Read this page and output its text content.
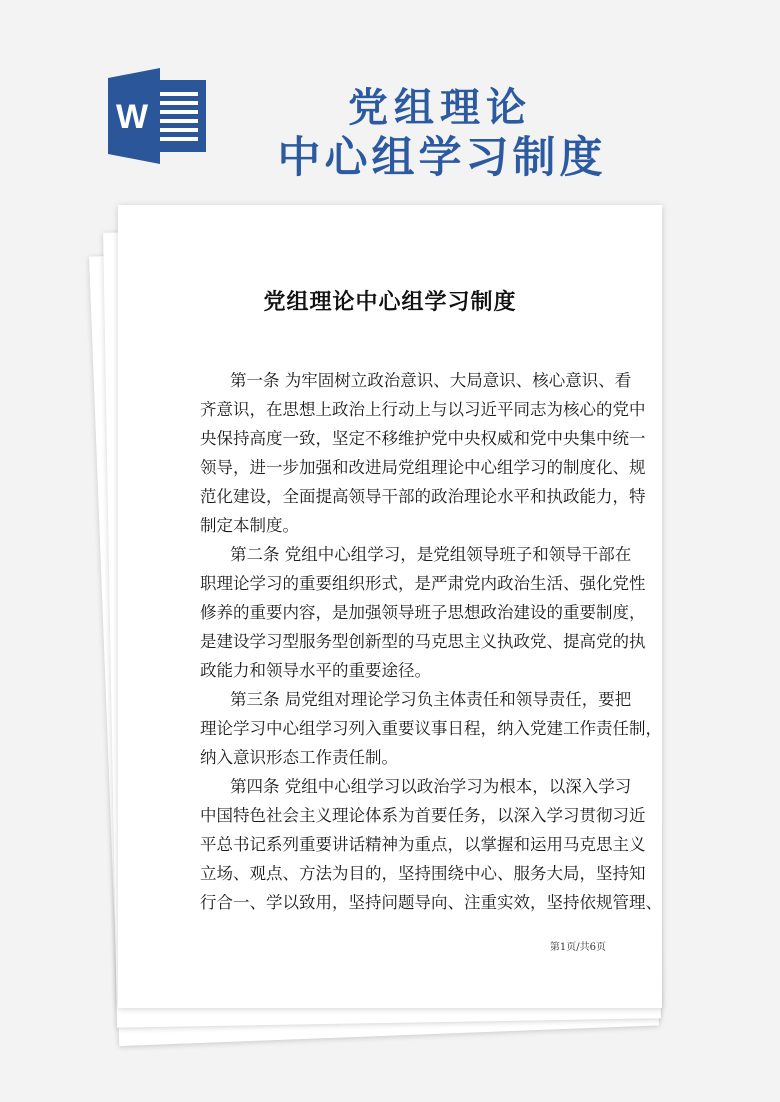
W	党组理论
中心组学习制度
党组理论中心组学习制度
第一条 为牢固树立政治意识、大局意识、核心意识、看
齐意识，在思想上政治上行动上与以习近平同志为核心的党中
央保持高度一致，坚定不移维护党中央权威和党中央集中统一
领导，进一步加强和改进局党组理论中心组学习的制度化、规
范化建设，全面提高领导干部的政治理论水平和执政能力，特
制定本制度。
第二条 党组中心组学习，是党组领导班子和领导干部在
职理论学习的重要组织形式，是严肃党内政治生活、强化党性
修养的重要内容，是加强领导班子思想政治建设的重要制度，
是建设学习型服务型创新型的马克思主义执政党、提高党的执
政能力和领导水平的重要途径。
第三条 局党组对理论学习负主体责任和领导责任，要把
理论学习中心组学习列入重要议事日程，纳入党建工作责任制，
纳入意识形态工作责任制。
第四条 党组中心组学习以政治学习为根本，以深入学习
中国特色社会主义理论体系为首要任务，以深入学习贯彻习近
平总书记系列重要讲话精神为重点，以掌握和运用马克思主义
立场、观点、方法为目的，坚持围绕中心、服务大局，坚持知
行合一、学以致用，坚持问题导向、注重实效，坚持依规管理、
第1页/共6页
